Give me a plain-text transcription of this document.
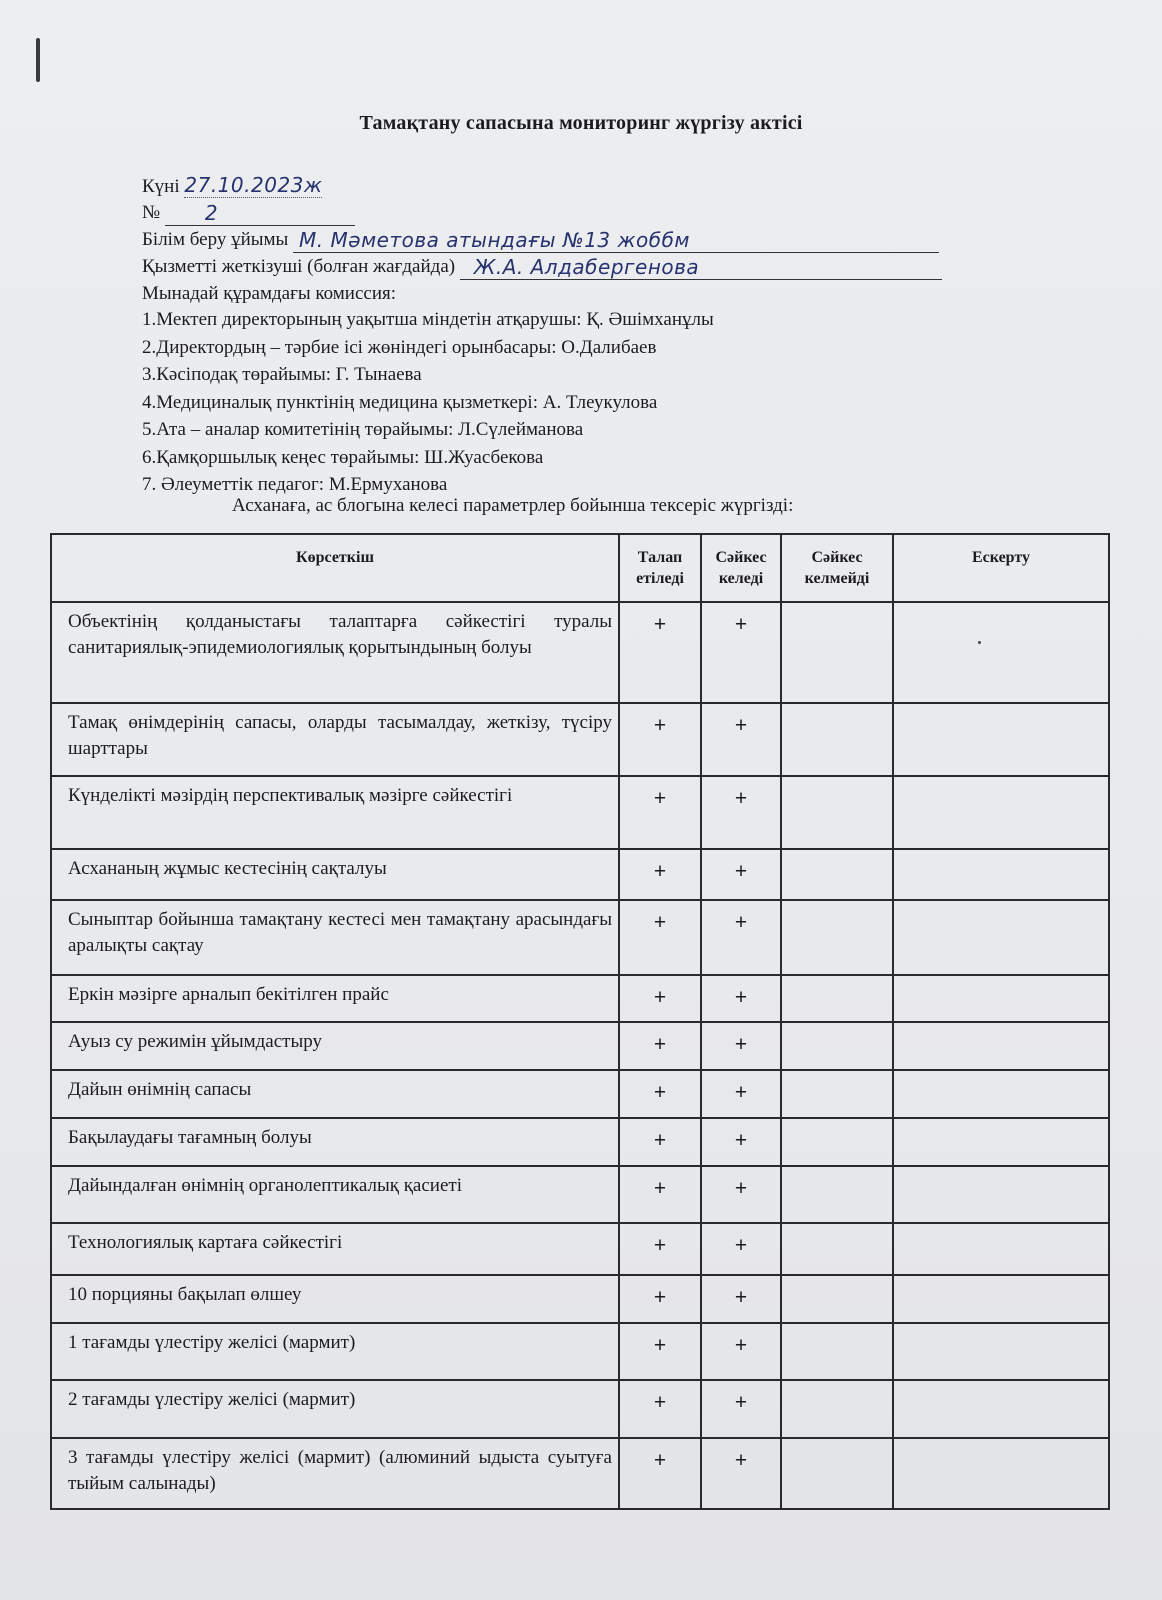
Тамақтану сапасына мониторинг жүргізу актісі
Күні 27.10.2023ж
№ 2
Білім беру ұйымы М. Мәметова атындағы №13 жоббм
Қызметті жеткізуші (болған жағдайда) Ж.А. Алдабергенова
Мынадай құрамдағы комиссия:
1.Мектеп директорының уақытша міндетін атқарушы: Қ. Әшімханұлы
2.Директордың – тәрбие ісі жөніндегі орынбасары: О.Далибаев
3.Кәсіподақ төрайымы: Г. Тынаева
4.Медициналық пунктінің медицина қызметкері: А. Тлеукулова
5.Ата – аналар комитетінің төрайымы: Л.Сүлейманова
6.Қамқоршылық кеңес төрайымы: Ш.Жуасбекова
7. Әлеуметтік педагог: М.Ермуханова
Асханаға, ас блогына келесі параметрлер бойынша тексеріс жүргізді:
Көрсеткіш	Талап етіледі	Сәйкес келеді	Сәйкес келмейді	Ескерту
Объектінің қолданыстағы талаптарға сәйкестігі туралы санитариялық-эпидемиологиялық қорытындының болуы	+	+		
Тамақ өнімдерінің сапасы, оларды тасымалдау, жеткізу, түсіру шарттары	+	+		
Күнделікті мәзірдің перспективалық мәзірге сәйкестігі	+	+		
Асхананың жұмыс кестесінің сақталуы	+	+		
Сыныптар бойынша тамақтану кестесі мен тамақтану арасындағы аралықты сақтау	+	+		
Еркін мәзірге арналып бекітілген прайс	+	+		
Ауыз су режимін ұйымдастыру	+	+		
Дайын өнімнің сапасы	+	+		
Бақылаудағы тағамның болуы	+	+		
Дайындалған өнімнің органолептикалық қасиеті	+	+		
Технологиялық картаға сәйкестігі	+	+		
10 порцияны бақылап өлшеу	+	+		
1 тағамды үлестіру желісі (мармит)	+	+		
2 тағамды үлестіру желісі (мармит)	+	+		
3 тағамды үлестіру желісі (мармит) (алюминий ыдыста суытуға тыйым салынады)	+	+		
